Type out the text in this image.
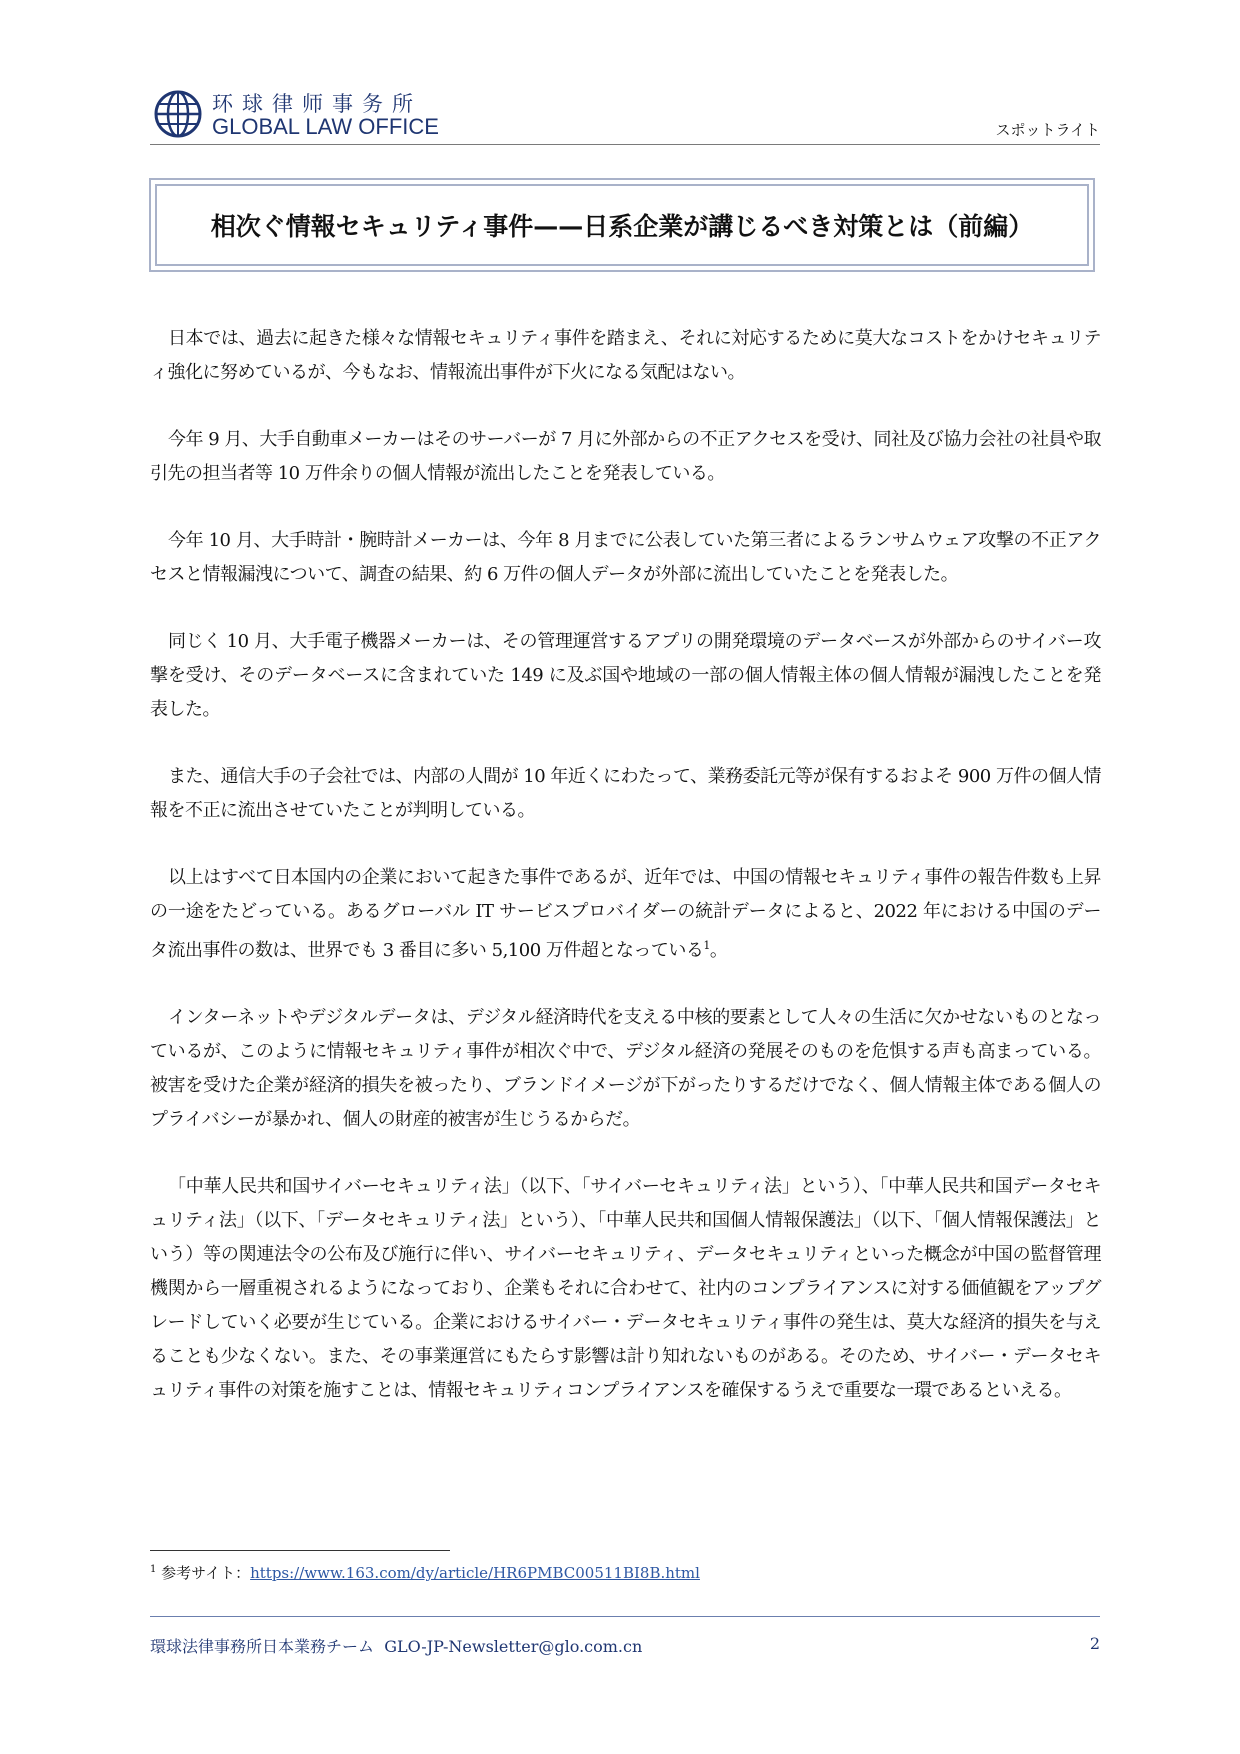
环球律师事务所
GLOBAL LAW OFFICE	スポットライト
相次ぐ情報セキュリティ事件——日系企業が講じるべき対策とは（前編）

日本では、過去に起きた様々な情報セキュリティ事件を踏まえ、それに対応するために莫大なコストをかけセキュリティ強化に努めているが、今もなお、情報流出事件が下火になる気配はない。

今年 9 月、大手自動車メーカーはそのサーバーが 7 月に外部からの不正アクセスを受け、同社及び協力会社の社員や取引先の担当者等 10 万件余りの個人情報が流出したことを発表している。

今年 10 月、大手時計・腕時計メーカーは、今年 8 月までに公表していた第三者によるランサムウェア攻撃の不正アクセスと情報漏洩について、調査の結果、約 6 万件の個人データが外部に流出していたことを発表した。

同じく 10 月、大手電子機器メーカーは、その管理運営するアプリの開発環境のデータベースが外部からのサイバー攻撃を受け、そのデータベースに含まれていた 149 に及ぶ国や地域の一部の個人情報主体の個人情報が漏洩したことを発表した。

また、通信大手の子会社では、内部の人間が 10 年近くにわたって、業務委託元等が保有するおよそ 900 万件の個人情報を不正に流出させていたことが判明している。

以上はすべて日本国内の企業において起きた事件であるが、近年では、中国の情報セキュリティ事件の報告件数も上昇の一途をたどっている。あるグローバル IT サービスプロバイダーの統計データによると、2022 年における中国のデータ流出事件の数は、世界でも 3 番目に多い 5,100 万件超となっている$^1$。

インターネットやデジタルデータは、デジタル経済時代を支える中核的要素として人々の生活に欠かせないものとなっているが、このように情報セキュリティ事件が相次ぐ中で、デジタル経済の発展そのものを危惧する声も高まっている。被害を受けた企業が経済的損失を被ったり、ブランドイメージが下がったりするだけでなく、個人情報主体である個人のプライバシーが暴かれ、個人の財産的被害が生じうるからだ。

「中華人民共和国サイバーセキュリティ法」（以下、「サイバーセキュリティ法」という）、「中華人民共和国データセキュリティ法」（以下、「データセキュリティ法」という）、「中華人民共和国個人情報保護法」（以下、「個人情報保護法」という）等の関連法令の公布及び施行に伴い、サイバーセキュリティ、データセキュリティといった概念が中国の監督管理機関から一層重視されるようになっており、企業もそれに合わせて、社内のコンプライアンスに対する価値観をアップグレードしていく必要が生じている。企業におけるサイバー・データセキュリティ事件の発生は、莫大な経済的損失を与えることも少なくない。また、その事業運営にもたらす影響は計り知れないものがある。そのため、サイバー・データセキュリティ事件の対策を施すことは、情報セキュリティコンプライアンスを確保するうえで重要な一環であるといえる。

$^1$ 参考サイト：https://www.163.com/dy/article/HR6PMBC00511BI8B.html
環球法律事務所日本業務チーム GLO-JP-Newsletter@glo.com.cn	2
